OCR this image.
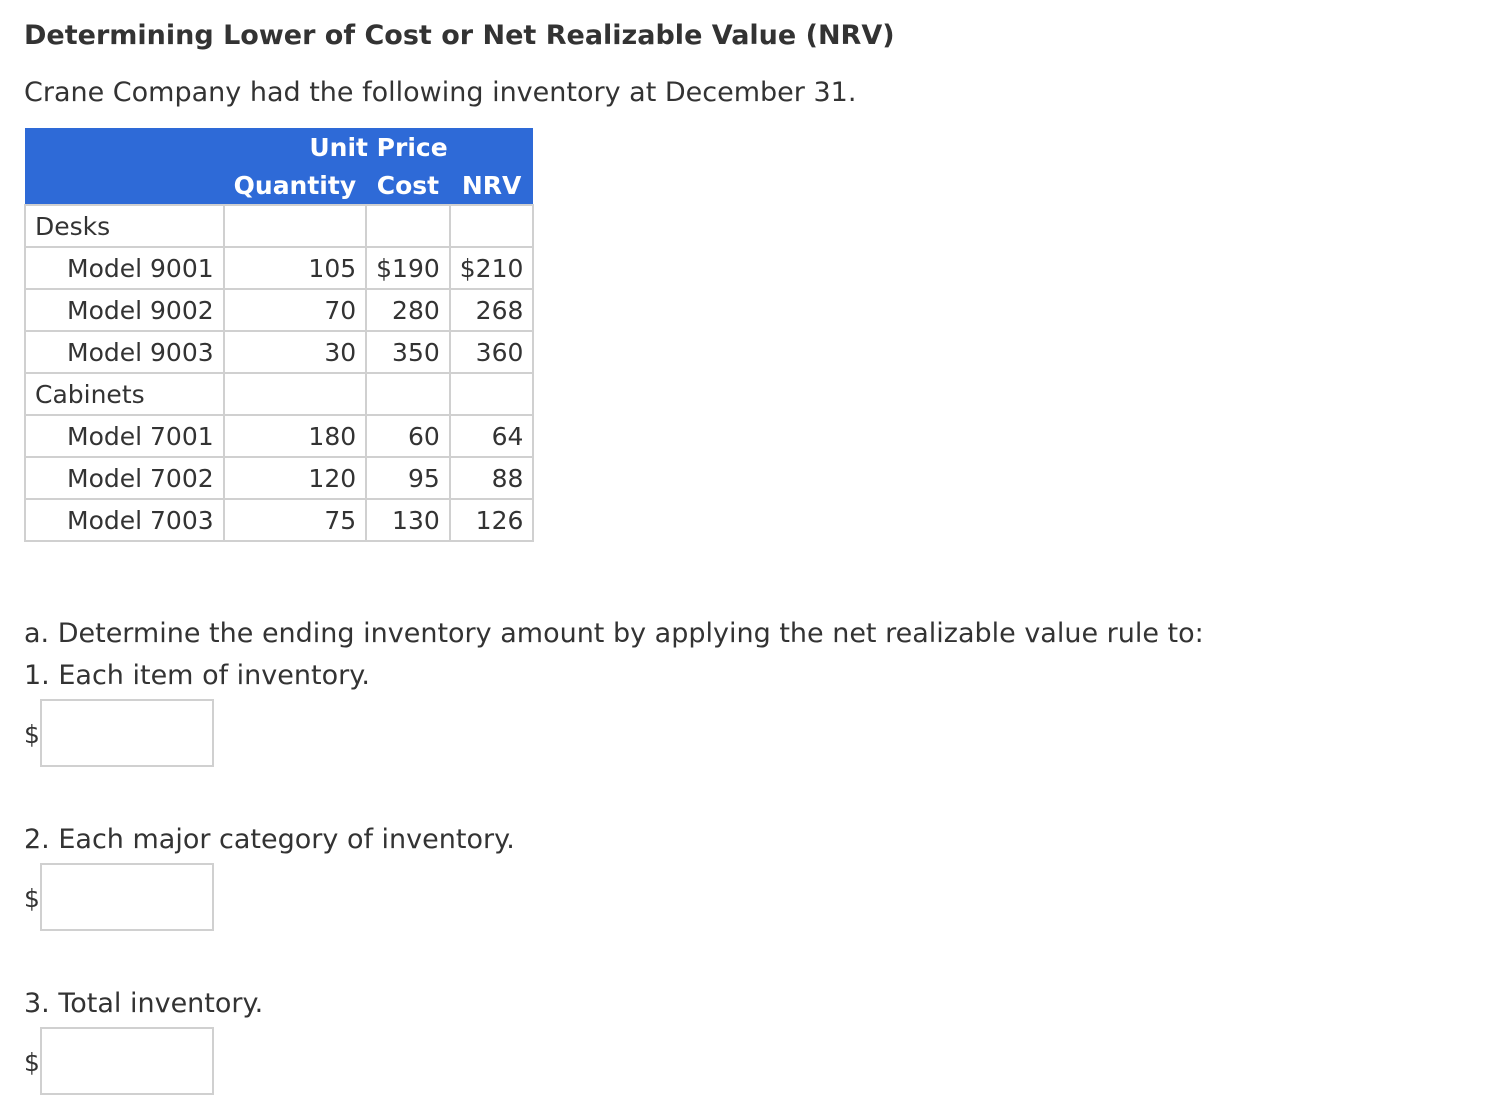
Determining Lower of Cost or Net Realizable Value (NRV)
Crane Company had the following inventory at December 31.
	Unit Price		
	Quantity	Cost	NRV
Desks			
Model 9001	105	$190	$210
Model 9002	70	280	268
Model 9003	30	350	360
Cabinets			
Model 7001	180	60	64
Model 7002	120	95	88
Model 7003	75	130	126
a. Determine the ending inventory amount by applying the net realizable value rule to:
1. Each item of inventory.
$
2. Each major category of inventory.
$
3. Total inventory.
$
